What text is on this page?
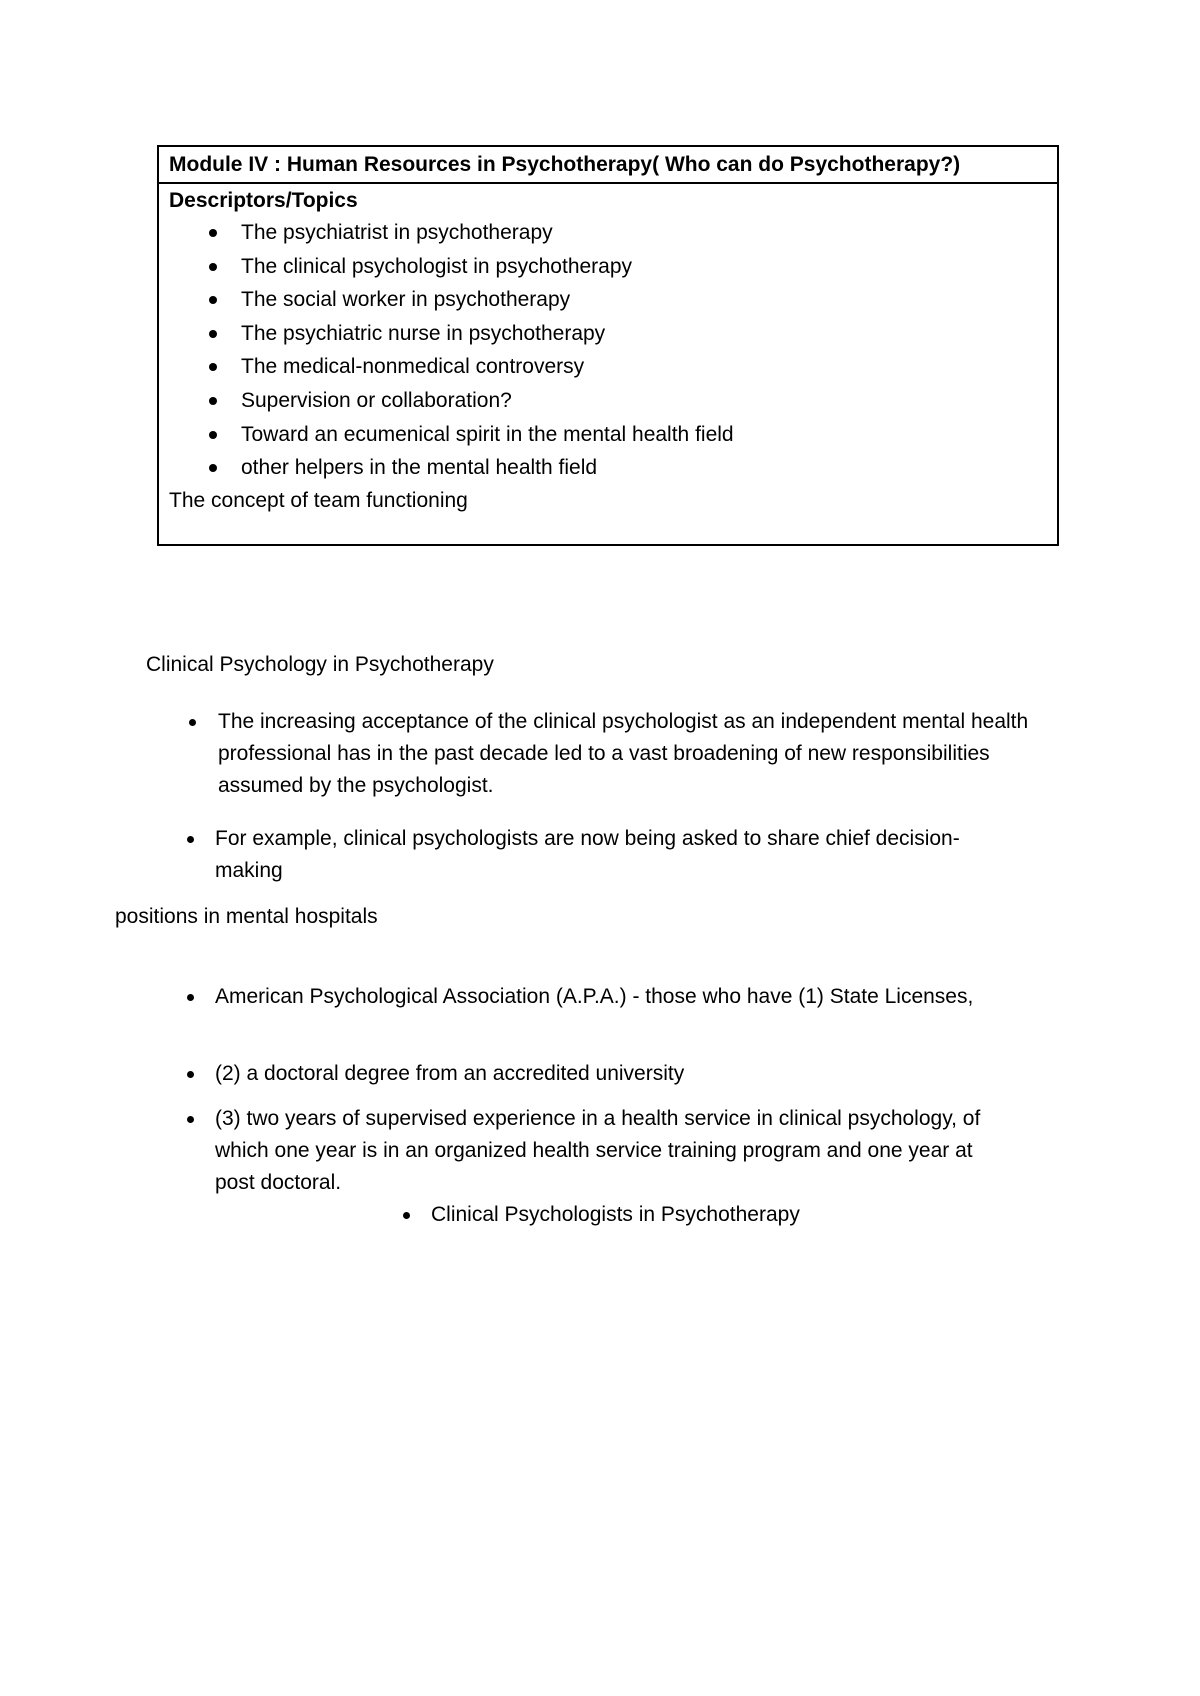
Module IV : Human Resources in Psychotherapy( Who can do Psychotherapy?)

Descriptors/Topics

The psychiatrist in psychotherapy
The clinical psychologist in psychotherapy
The social worker in psychotherapy
The psychiatric nurse in psychotherapy
The medical-nonmedical controversy
Supervision or collaboration?
Toward an ecumenical spirit in the mental health field
other helpers in the mental health field

The concept of team functioning

Clinical Psychology in Psychotherapy

The increasing acceptance of the clinical psychologist as an independent mental health professional has in the past decade led to a vast broadening of new responsibilities assumed by the psychologist.
For example, clinical psychologists are now being asked to share chief decision-making

positions in mental hospitals

American Psychological Association (A.P.A.) - those who have (1) State Licenses,
(2) a doctoral degree from an accredited university
(3) two years of supervised experience in a health service in clinical psychology, of which one year is in an organized health service training program and one year at post doctoral.
Clinical Psychologists in Psychotherapy
